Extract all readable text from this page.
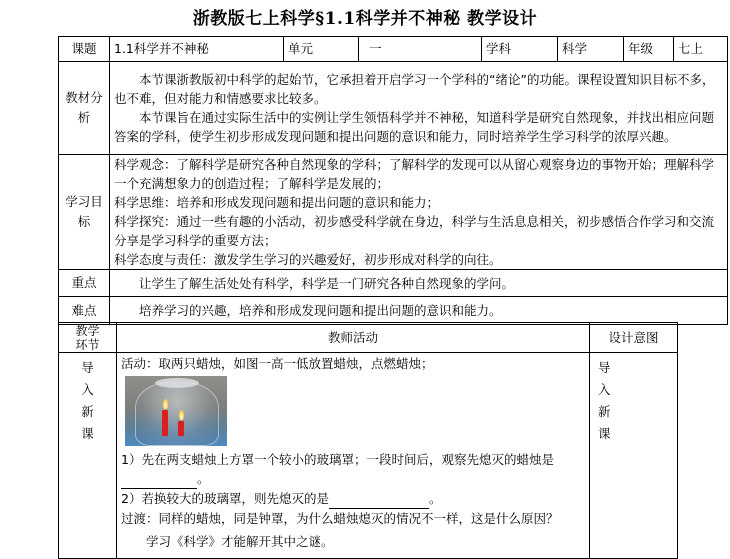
浙教版七上科学§1.1科学并不神秘 教学设计
课题	1.1科学并不神秘	单元	一	学科	科学	年级	七上
教材分析	本节课浙教版初中科学的起始节，它承担着开启学习一个学科的“绪论”的功能。课程设置知识目标不多，也不难，但对能力和情感要求比较多。

本节课旨在通过实际生活中的实例让学生领悟科学并不神秘，知道科学是研究自然现象，并找出相应问题答案的学科，使学生初步形成发现问题和提出问题的意识和能力，同时培养学生学习科学的浓厚兴趣。						

学习目标	科学观念：了解科学是研究各种自然现象的学科；了解科学的发现可以从留心观察身边的事物开始；理解科学一个充满想象力的创造过程；了解科学是发展的；

科学思维：培养和形成发现问题和提出问题的意识和能力；

科学探究：通过一些有趣的小活动，初步感受科学就在身边，科学与生活息息相关，初步感悟合作学习和交流分享是学习科学的重要方法；

科学态度与责任：激发学生学习的兴趣爱好，初步形成对科学的向往。						

重点	让学生了解生活处处有科学，科学是一门研究各种自然现象的学问。						

难点	培养学习的兴趣，培养和形成发现问题和提出问题的意识和能力。						

教学环节	教师活动	设计意图
导入新课	活动：取两只蜡烛，如图一高一低放置蜡烛，点燃蜡烛；

1）先在两支蜡烛上方罩一个较小的玻璃罩；一段时间后，观察先熄灭的蜡烛是 。

2）若换较大的玻璃罩，则先熄灭的是 。

过渡：同样的蜡烛，同是钟罩，为什么蜡烛熄灭的情况不一样，这是什么原因？

学习《科学》才能解开其中之谜。	导入新课
